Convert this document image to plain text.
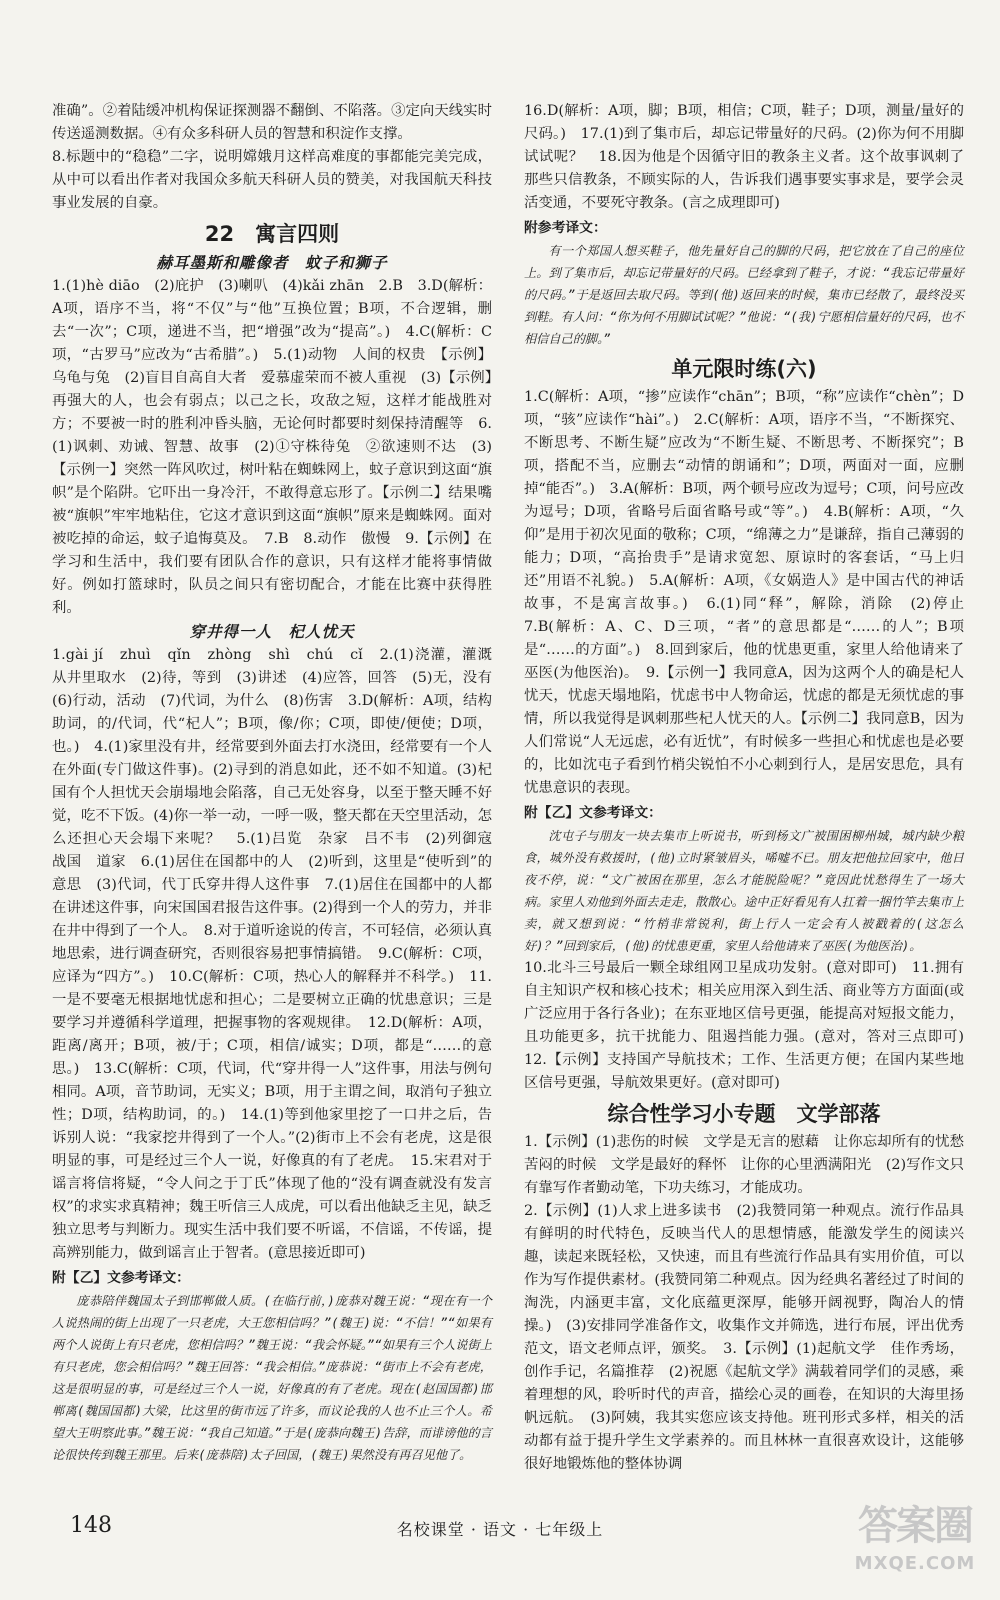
准确”。②着陆缓冲机构保证探测器不翻倒、不陷落。③定向天线实时传送遥测数据。④有众多科研人员的智慧和积淀作支撑。

8.标题中的“稳稳”二字，说明嫦娥月这样高难度的事都能完美完成，从中可以看出作者对我国众多航天科研人员的赞美，对我国航天科技事业发展的自豪。

22　寓言四则
赫耳墨斯和雕像者　蚊子和狮子

1.(1)hè diāo　(2)庇护　(3)喇叭　(4)kǎi zhān　2.B　3.D(解析：A项，语序不当，将“不仅”与“他”互换位置；B项，不合逻辑，删去“一次”；C项，递进不当，把“增强”改为“提高”。)　4.C(解析：C项，“古罗马”应改为“古希腊”。)　5.(1)动物　人间的权贵　【示例】乌龟与兔　(2)盲目自高自大者　爱慕虚荣而不被人重视　(3)【示例】再强大的人，也会有弱点；以己之长，攻敌之短，这样才能战胜对方；不要被一时的胜利冲昏头脑，无论何时都要时刻保持清醒等　6.(1)讽刺、劝诫、智慧、故事　(2)①守株待兔　②欲速则不达　(3)【示例一】突然一阵风吹过，树叶粘在蜘蛛网上，蚊子意识到这面“旗帜”是个陷阱。它吓出一身冷汗，不敢得意忘形了。【示例二】结果嘴被“旗帜”牢牢地粘住，它这才意识到这面“旗帜”原来是蜘蛛网。面对被吃掉的命运，蚊子追悔莫及。　7.B　8.动作　傲慢　9.【示例】在学习和生活中，我们要有团队合作的意识，只有这样才能将事情做好。例如打篮球时，队员之间只有密切配合，才能在比赛中获得胜利。

穿井得一人　杞人忧天

1.gài jí　zhuì　qǐn　zhòng　shì　chú　cǐ　2.(1)浇灌，灌溉　从井里取水　(2)待，等到　(3)讲述　(4)应答，回答　(5)无，没有　(6)行动，活动　(7)代词，为什么　(8)伤害　3.D(解析：A项，结构助词，的/代词，代“杞人”；B项，像/你；C项，即使/便使；D项，也。)　4.(1)家里没有井，经常要到外面去打水浇田，经常要有一个人在外面(专门做这件事)。(2)寻到的消息如此，还不如不知道。(3)杞国有个人担忧天会崩塌地会陷落，自己无处容身，以至于整天睡不好觉，吃不下饭。(4)你一举一动，一呼一吸，整天都在天空里活动，怎么还担心天会塌下来呢？　5.(1)吕览　杂家　吕不韦　(2)列御寇　战国　道家　6.(1)居住在国都中的人　(2)听到，这里是“使听到”的意思　(3)代词，代丁氏穿井得人这件事　7.(1)居住在国都中的人都在讲述这件事，向宋国国君报告这件事。(2)得到一个人的劳力，并非在井中得到了一个人。　8.对于道听途说的传言，不可轻信，必须认真地思索，进行调查研究，否则很容易把事情搞错。　9.C(解析：C项，应译为“四方”。)　10.C(解析：C项，热心人的解释并不科学。)　11.一是不要毫无根据地忧虑和担心；二是要树立正确的忧患意识；三是要学习并遵循科学道理，把握事物的客观规律。　12.D(解析：A项，距离/离开；B项，被/于；C项，相信/诚实；D项，都是“……的意思。)　13.C(解析：C项，代词，代“穿井得一人”这件事，用法与例句相同。A项，音节助词，无实义；B项，用于主谓之间，取消句子独立性；D项，结构助词，的。)　14.(1)等到他家里挖了一口井之后，告诉别人说：“我家挖井得到了一个人。”(2)街市上不会有老虎，这是很明显的事，可是经过三个人一说，好像真的有了老虎。　15.宋君对于谣言将信将疑，“令人问之于丁氏”体现了他的“没有调查就没有发言权”的求实求真精神；魏王听信三人成虎，可以看出他缺乏主见，缺乏独立思考与判断力。现实生活中我们要不听谣，不信谣，不传谣，提高辨别能力，做到谣言止于智者。(意思接近即可)

附【乙】文参考译文：

庞恭陪伴魏国太子到邯郸做人质。(在临行前，)庞恭对魏王说：“现在有一个人说热闹的街上出现了一只老虎，大王您相信吗？”(魏王)说：“不信！”“如果有两个人说街上有只老虎，您相信吗？”魏王说：“我会怀疑。”“如果有三个人说街上有只老虎，您会相信吗？”魏王回答：“我会相信。”庞恭说：“街市上不会有老虎，这是很明显的事，可是经过三个人一说，好像真的有了老虎。现在(赵国国都)邯郸离(魏国国都)大梁，比这里的街市远了许多，而议论我的人也不止三个人。希望大王明察此事。”魏王说：“我自己知道。”于是(庞恭向魏王)告辞，而诽谤他的言论很快传到魏王那里。后来(庞恭陪)太子回国，(魏王)果然没有再召见他了。

16.D(解析：A项，脚；B项，相信；C项，鞋子；D项，测量/量好的尺码。)　17.(1)到了集市后，却忘记带量好的尺码。(2)你为何不用脚试试呢？　18.因为他是个因循守旧的教条主义者。这个故事讽刺了那些只信教条，不顾实际的人，告诉我们遇事要实事求是，要学会灵活变通，不要死守教条。(言之成理即可)

附参考译文：

有一个郑国人想买鞋子，他先量好自己的脚的尺码，把它放在了自己的座位上。到了集市后，却忘记带量好的尺码。已经拿到了鞋子，才说：“我忘记带量好的尺码。”于是返回去取尺码。等到(他)返回来的时候，集市已经散了，最终没买到鞋。有人问：“你为何不用脚试试呢？”他说：“(我)宁愿相信量好的尺码，也不相信自己的脚。”

单元限时练(六)

1.C(解析：A项，“掺”应读作“chān”；B项，“称”应读作“chèn”；D项，“骇”应读作“hài”。)　2.C(解析：A项，语序不当，“不断探究、不断思考、不断生疑”应改为“不断生疑、不断思考、不断探究”；B项，搭配不当，应删去“动情的朗诵和”；D项，两面对一面，应删掉“能否”。)　3.A(解析：B项，两个顿号应改为逗号；C项，问号应改为逗号；D项，省略号后面省略号或“等”。)　4.B(解析：A项，“久仰”是用于初次见面的敬称；C项，“绵薄之力”是谦辞，指自己薄弱的能力；D项，“高抬贵手”是请求宽恕、原谅时的客套话，“马上归还”用语不礼貌。)　5.A(解析：A项，《女娲造人》是中国古代的神话故事，不是寓言故事。)　6.(1)同“释”，解除，消除　(2)停止　7.B(解析：A、C、D三项，“者”的意思都是“……的人”；B项是“……的方面”。)　8.回到家后，他的忧患更重，家里人给他请来了巫医(为他医治)。　9.【示例一】我同意A，因为这两个人的确是杞人忧天，忧虑天塌地陷，忧虑书中人物命运，忧虑的都是无须忧虑的事情，所以我觉得是讽刺那些杞人忧天的人。【示例二】我同意B，因为人们常说“人无远虑，必有近忧”，有时候多一些担心和忧虑也是必要的，比如沈屯子看到竹梢尖锐怕不小心刺到行人，是居安思危，具有忧患意识的表现。

附【乙】文参考译文：

沈屯子与朋友一块去集市上听说书，听到杨文广被围困柳州城，城内缺少粮食，城外没有救援时，(他)立时紧皱眉头，唏嘘不已。朋友把他拉回家中，他日夜不停，说：“文广被困在那里，怎么才能脱险呢？”竟因此忧愁得生了一场大病。家里人劝他到外面去走走，散散心。途中正好看见有人扛着一捆竹竿去集市上卖，就又想到说：“竹梢非常锐利，街上行人一定会有人被戳着的(这怎么好)？”回到家后，(他)的忧患更重，家里人给他请来了巫医(为他医治)。

10.北斗三号最后一颗全球组网卫星成功发射。(意对即可)　11.拥有自主知识产权和核心技术；相关应用深入到生活、商业等方方面面(或广泛应用于各行各业)；在东亚地区信号更强，能提高对短报文能力，且功能更多，抗干扰能力、阻遏挡能力强。(意对，答对三点即可)　12.【示例】支持国产导航技术；工作、生活更方便；在国内某些地区信号更强，导航效果更好。(意对即可)

综合性学习小专题　文学部落

1.【示例】(1)悲伤的时候　文学是无言的慰藉　让你忘却所有的忧愁　苦闷的时候　文学是最好的释怀　让你的心里洒满阳光　(2)写作文只有靠写作者勤动笔，下功夫练习，才能成功。

2.【示例】(1)人求上进多读书　(2)我赞同第一种观点。流行作品具有鲜明的时代特色，反映当代人的思想情感，能激发学生的阅读兴趣，读起来既轻松，又快速，而且有些流行作品具有实用价值，可以作为写作提供素材。(我赞同第二种观点。因为经典名著经过了时间的淘洗，内涵更丰富，文化底蕴更深厚，能够开阔视野，陶冶人的情操。)　(3)安排同学准备作文，收集作文并筛选，进行布展，评出优秀范文，语文老师点评，颁奖。　3.【示例】(1)起航文学　佳作秀场，创作手记，名篇推荐　(2)祝愿《起航文学》满载着同学们的灵感，乘着理想的风，聆听时代的声音，描绘心灵的画卷，在知识的大海里扬帆远航。　(3)阿姨，我其实您应该支持他。班刊形式多样，相关的活动都有益于提升学生文学素养的。而且林林一直很喜欢设计，这能够很好地锻炼他的整体协调

148	名校课堂 · 语文 · 七年级上	答案圈
MXQE.COM
